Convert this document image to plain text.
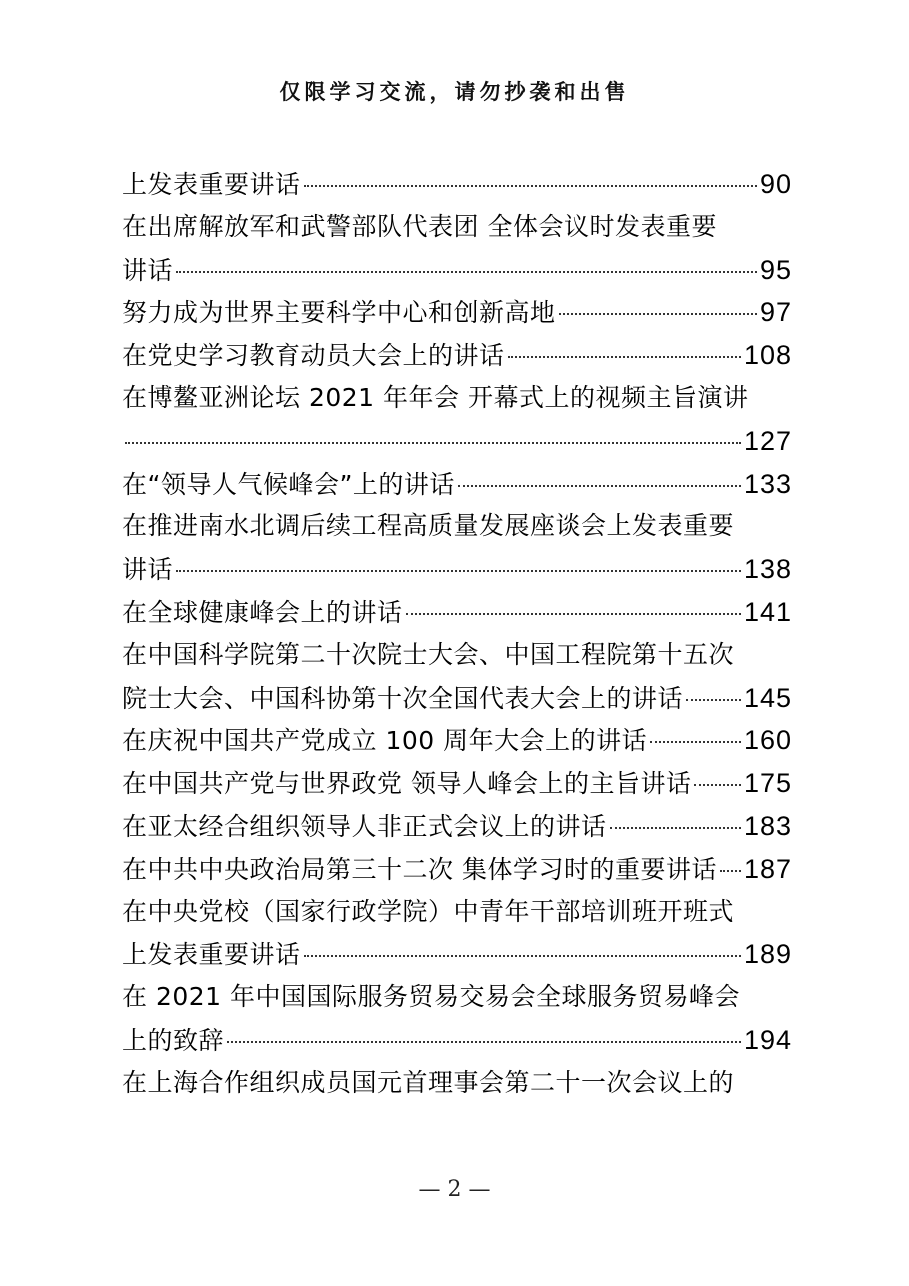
仅限学习交流，请勿抄袭和出售
上发表重要讲话	90
在出席解放军和武警部队代表团 全体会议时发表重要
讲话	95
努力成为世界主要科学中心和创新高地	97
在党史学习教育动员大会上的讲话	108
在博鳌亚洲论坛 2021 年年会 开幕式上的视频主旨演讲
127
在“领导人气候峰会”上的讲话	133
在推进南水北调后续工程高质量发展座谈会上发表重要
讲话	138
在全球健康峰会上的讲话	141
在中国科学院第二十次院士大会、中国工程院第十五次
院士大会、中国科协第十次全国代表大会上的讲话 145
在庆祝中国共产党成立 100 周年大会上的讲话	160
在中国共产党与世界政党 领导人峰会上的主旨讲话 175
在亚太经合组织领导人非正式会议上的讲话	183
在中共中央政治局第三十二次 集体学习时的重要讲话 187
在中央党校（国家行政学院）中青年干部培训班开班式
上发表重要讲话	189
在 2021 年中国国际服务贸易交易会全球服务贸易峰会
上的致辞	194
在上海合作组织成员国元首理事会第二十一次会议上的
— 2 —
